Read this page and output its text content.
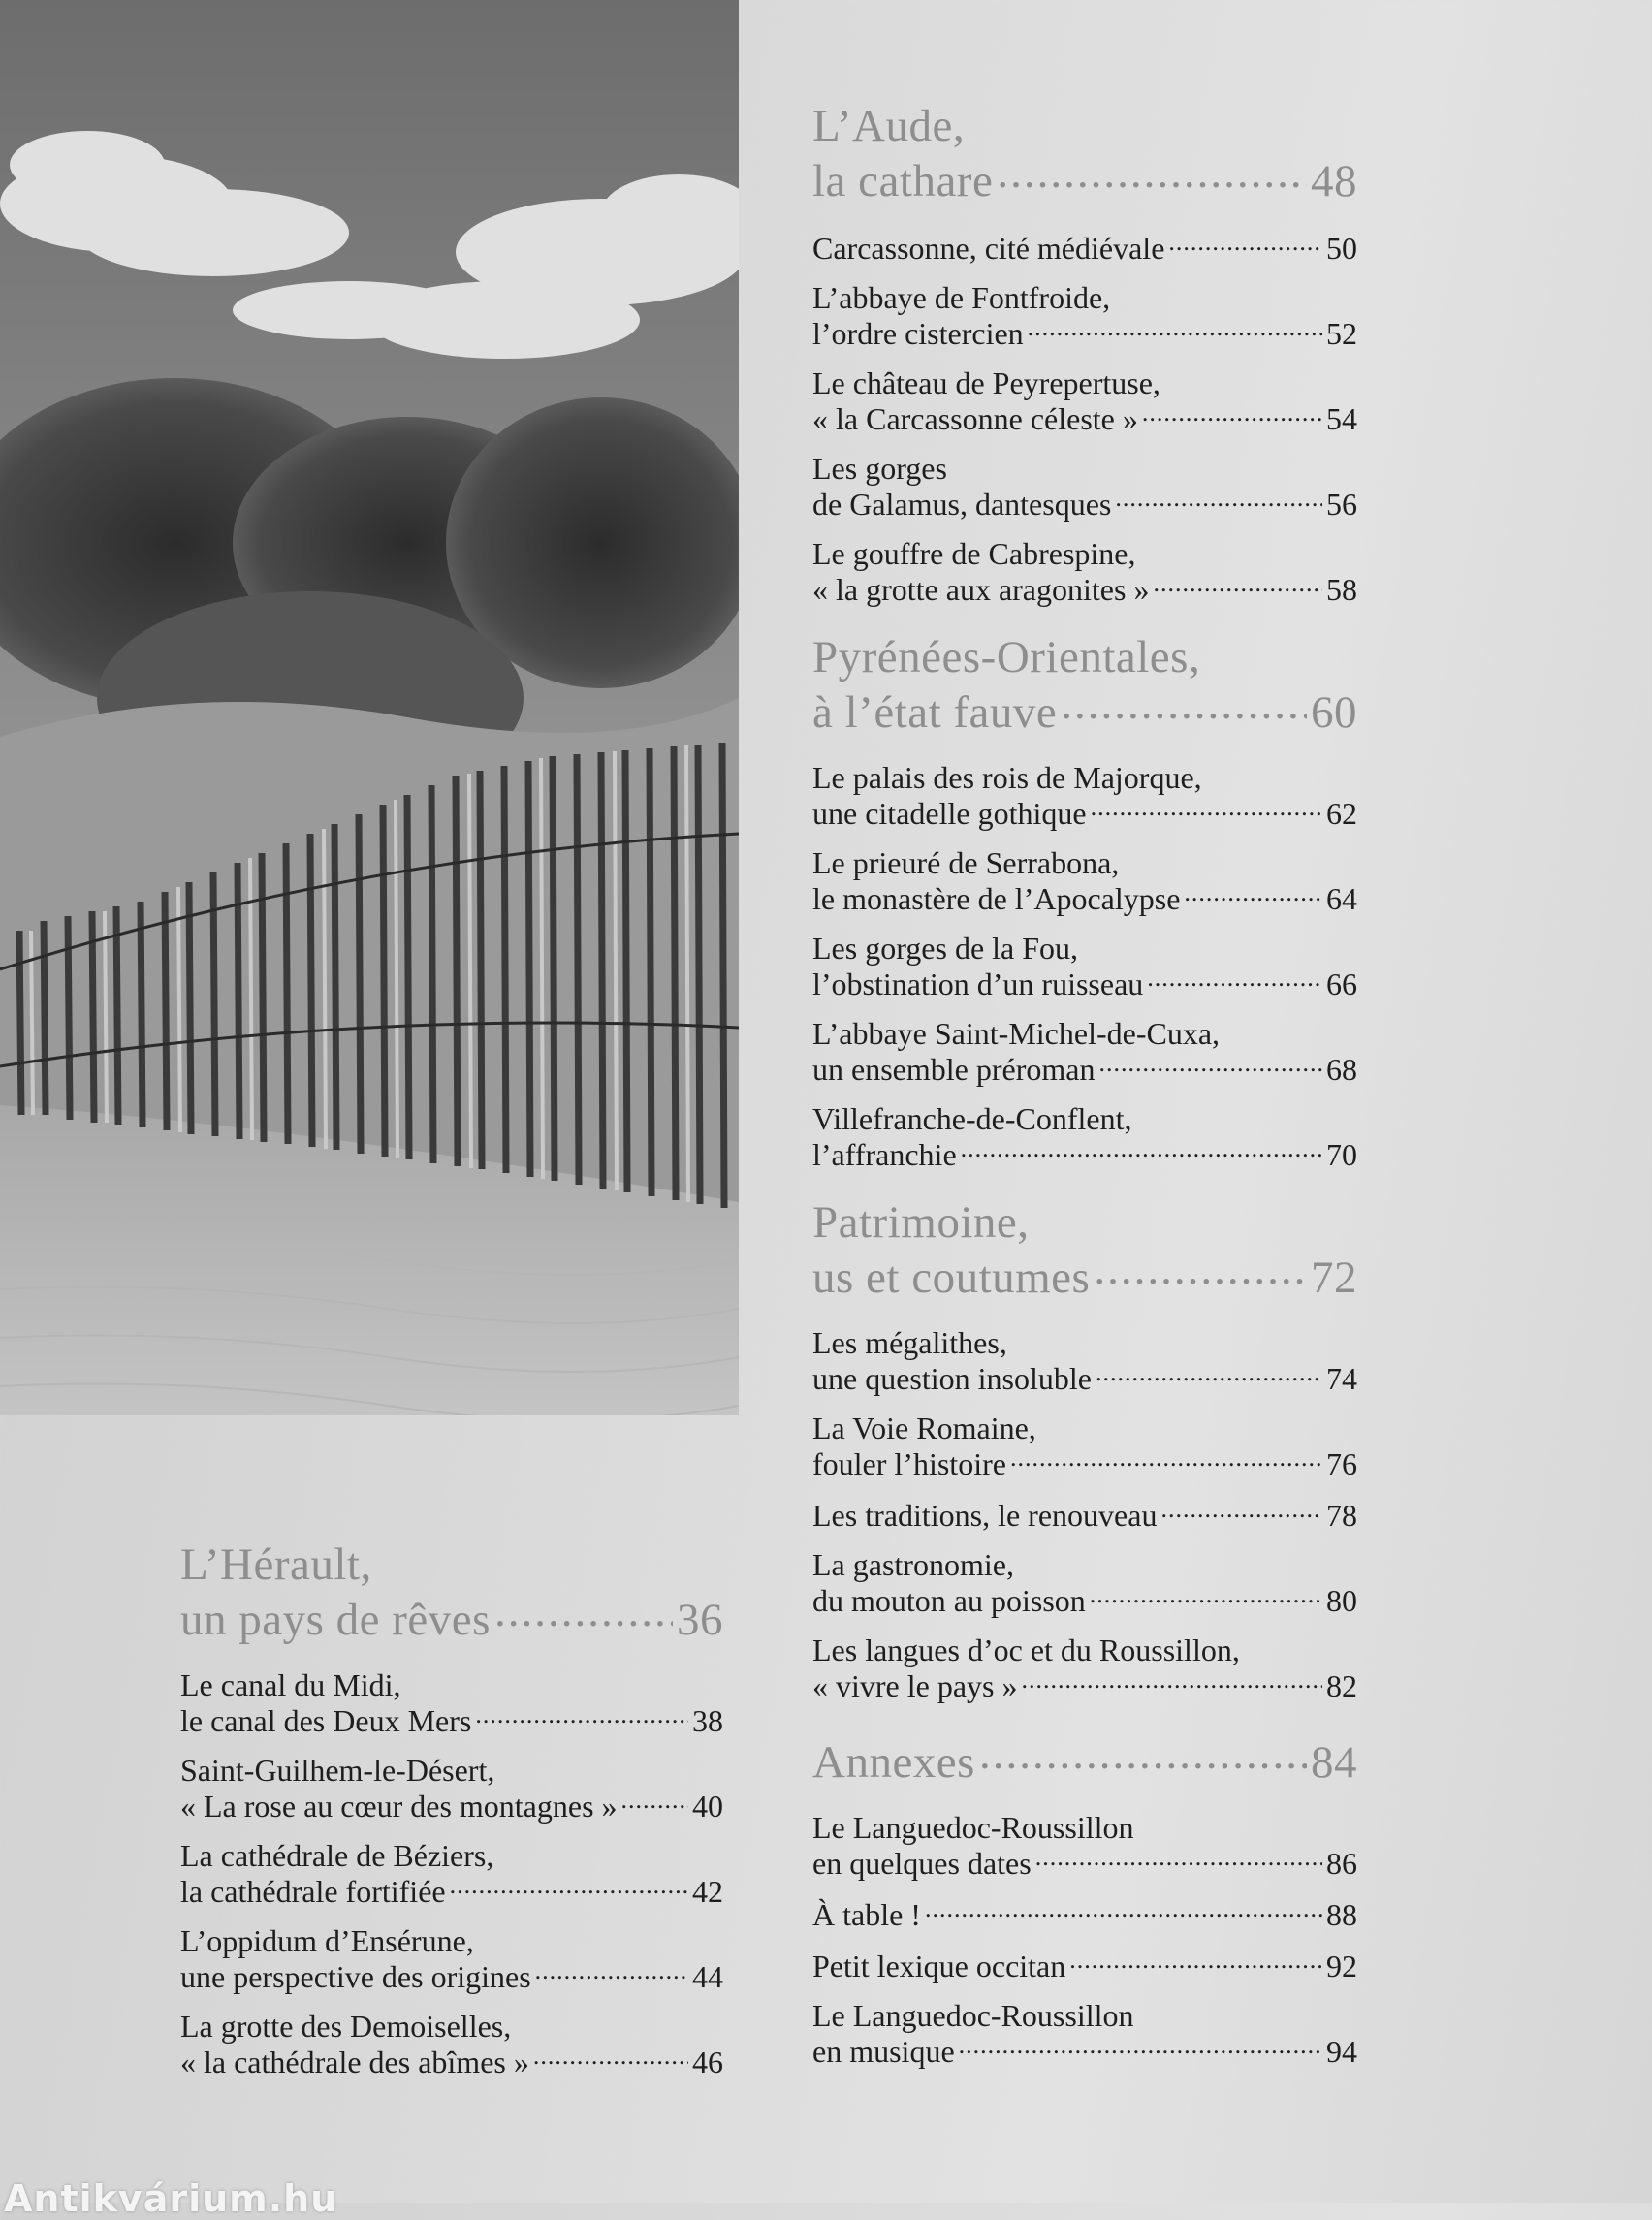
L’Aude,
la cathare .....	48
Carcassonne, cité médiévale .....	50
L’abbaye de Fontfroide,
l’ordre cistercien .....	52
Le château de Peyrepertuse,
« la Carcassonne céleste » .....	54
Les gorges
de Galamus, dantesques .....	56
Le gouffre de Cabrespine,
« la grotte aux aragonites » .....	58
Pyrénées-Orientales,
à l’état fauve .....	60
Le palais des rois de Majorque,
une citadelle gothique .....	62
Le prieuré de Serrabona,
le monastère de l’Apocalypse .....	64
Les gorges de la Fou,
l’obstination d’un ruisseau .....	66
L’abbaye Saint-Michel-de-Cuxa,
un ensemble préroman .....	68
Villefranche-de-Conflent,
l’affranchie .....	70
Patrimoine,
us et coutumes .....	72
Les mégalithes,
une question insoluble .....	74
La Voie Romaine,
fouler l’histoire .....	76
Les traditions, le renouveau .....	78
La gastronomie,
du mouton au poisson .....	80
Les langues d’oc et du Roussillon,
« vivre le pays » .....	82
Annexes .....	84
Le Languedoc-Roussillon
en quelques dates .....	86
À table ! .....	88
Petit lexique occitan .....	92
Le Languedoc-Roussillon
en musique .....	94
L’Hérault,
un pays de rêves .....	36
Le canal du Midi,
le canal des Deux Mers .....	38
Saint-Guilhem-le-Désert,
« La rose au cœur des montagnes » ..... 40
La cathédrale de Béziers,
la cathédrale fortifiée .....	42
L’oppidum d’Ensérune,
une perspective des origines .....	44
La grotte des Demoiselles,
« la cathédrale des abîmes » .....	46
Antikvárium.hu
